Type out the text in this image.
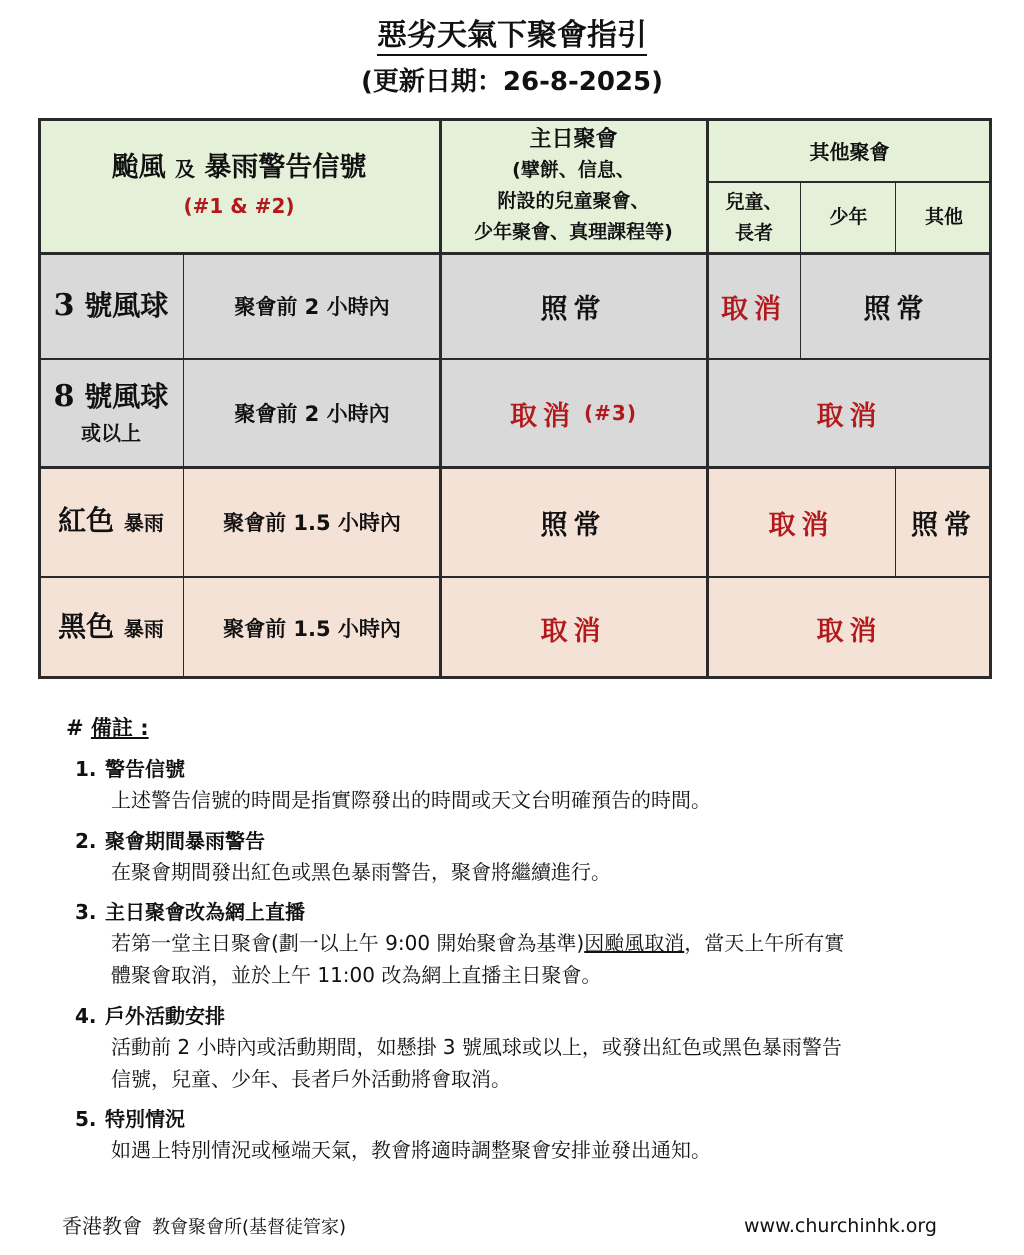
惡劣天氣下聚會指引
(更新日期：26-8-2025)
颱風 及 暴雨警告信號
(#1 & #2)
主日聚會
(擘餅、信息、
附設的兒童聚會、
少年聚會、真理課程等)
其他聚會
兒童、
長者
少年	其他
3 號風球	聚會前 2 小時內	照常	取消	照常
8 號風球
或以上
聚會前 2 小時內	取消 (#3)	取消
紅色 暴雨	聚會前 1.5 小時內	照常	取消	照常
黑色 暴雨	聚會前 1.5 小時內	取消	取消
# 備註 :
1. 警告信號
上述警告信號的時間是指實際發出的時間或天文台明確預告的時間。
2. 聚會期間暴雨警告
在聚會期間發出紅色或黑色暴雨警告，聚會將繼續進行。
3. 主日聚會改為網上直播
若第一堂主日聚會(劃一以上午 9:00 開始聚會為基準)因颱風取消，當天上午所有實
體聚會取消，並於上午 11:00 改為網上直播主日聚會。
4. 戶外活動安排
活動前 2 小時內或活動期間，如懸掛 3 號風球或以上，或發出紅色或黑色暴雨警告
信號，兒童、少年、長者戶外活動將會取消。
5. 特別情況
如遇上特別情況或極端天氣，教會將適時調整聚會安排並發出通知。
香港教會 教會聚會所(基督徒管家)	www.churchinhk.org
